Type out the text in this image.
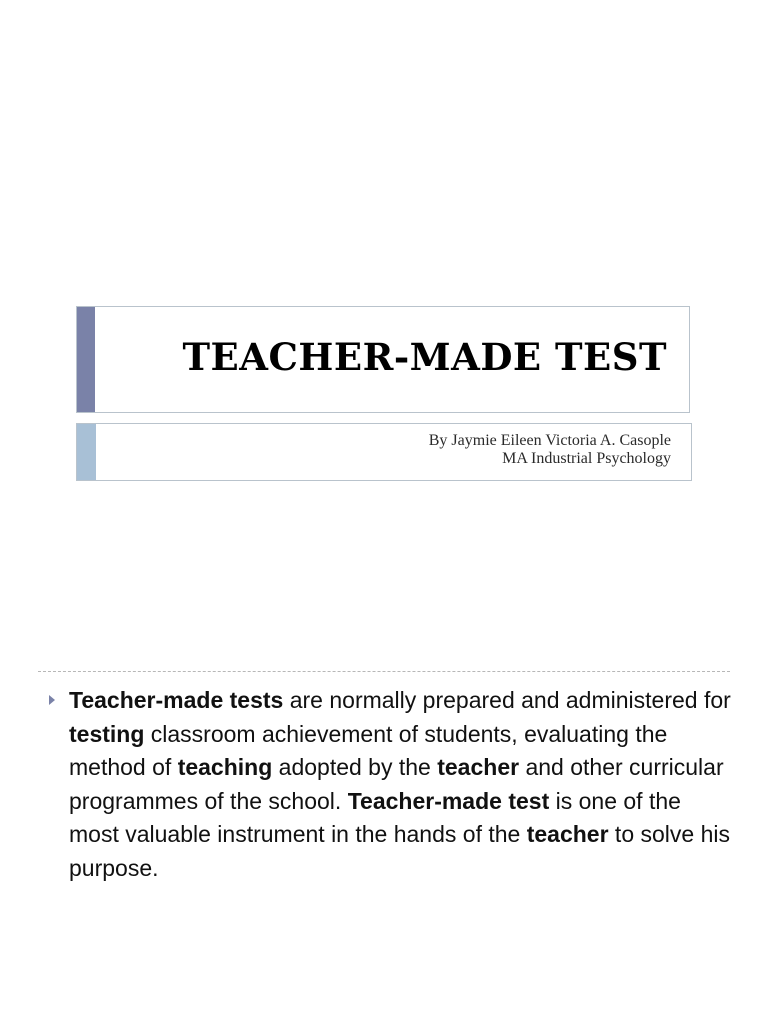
TEACHER-MADE TEST
By Jaymie Eileen Victoria A. Casople
MA Industrial Psychology
Teacher-made tests are normally prepared and administered for testing classroom achievement of students, evaluating the method of teaching adopted by the teacher and other curricular programmes of the school. Teacher-made test is one of the most valuable instrument in the hands of the teacher to solve his purpose.
